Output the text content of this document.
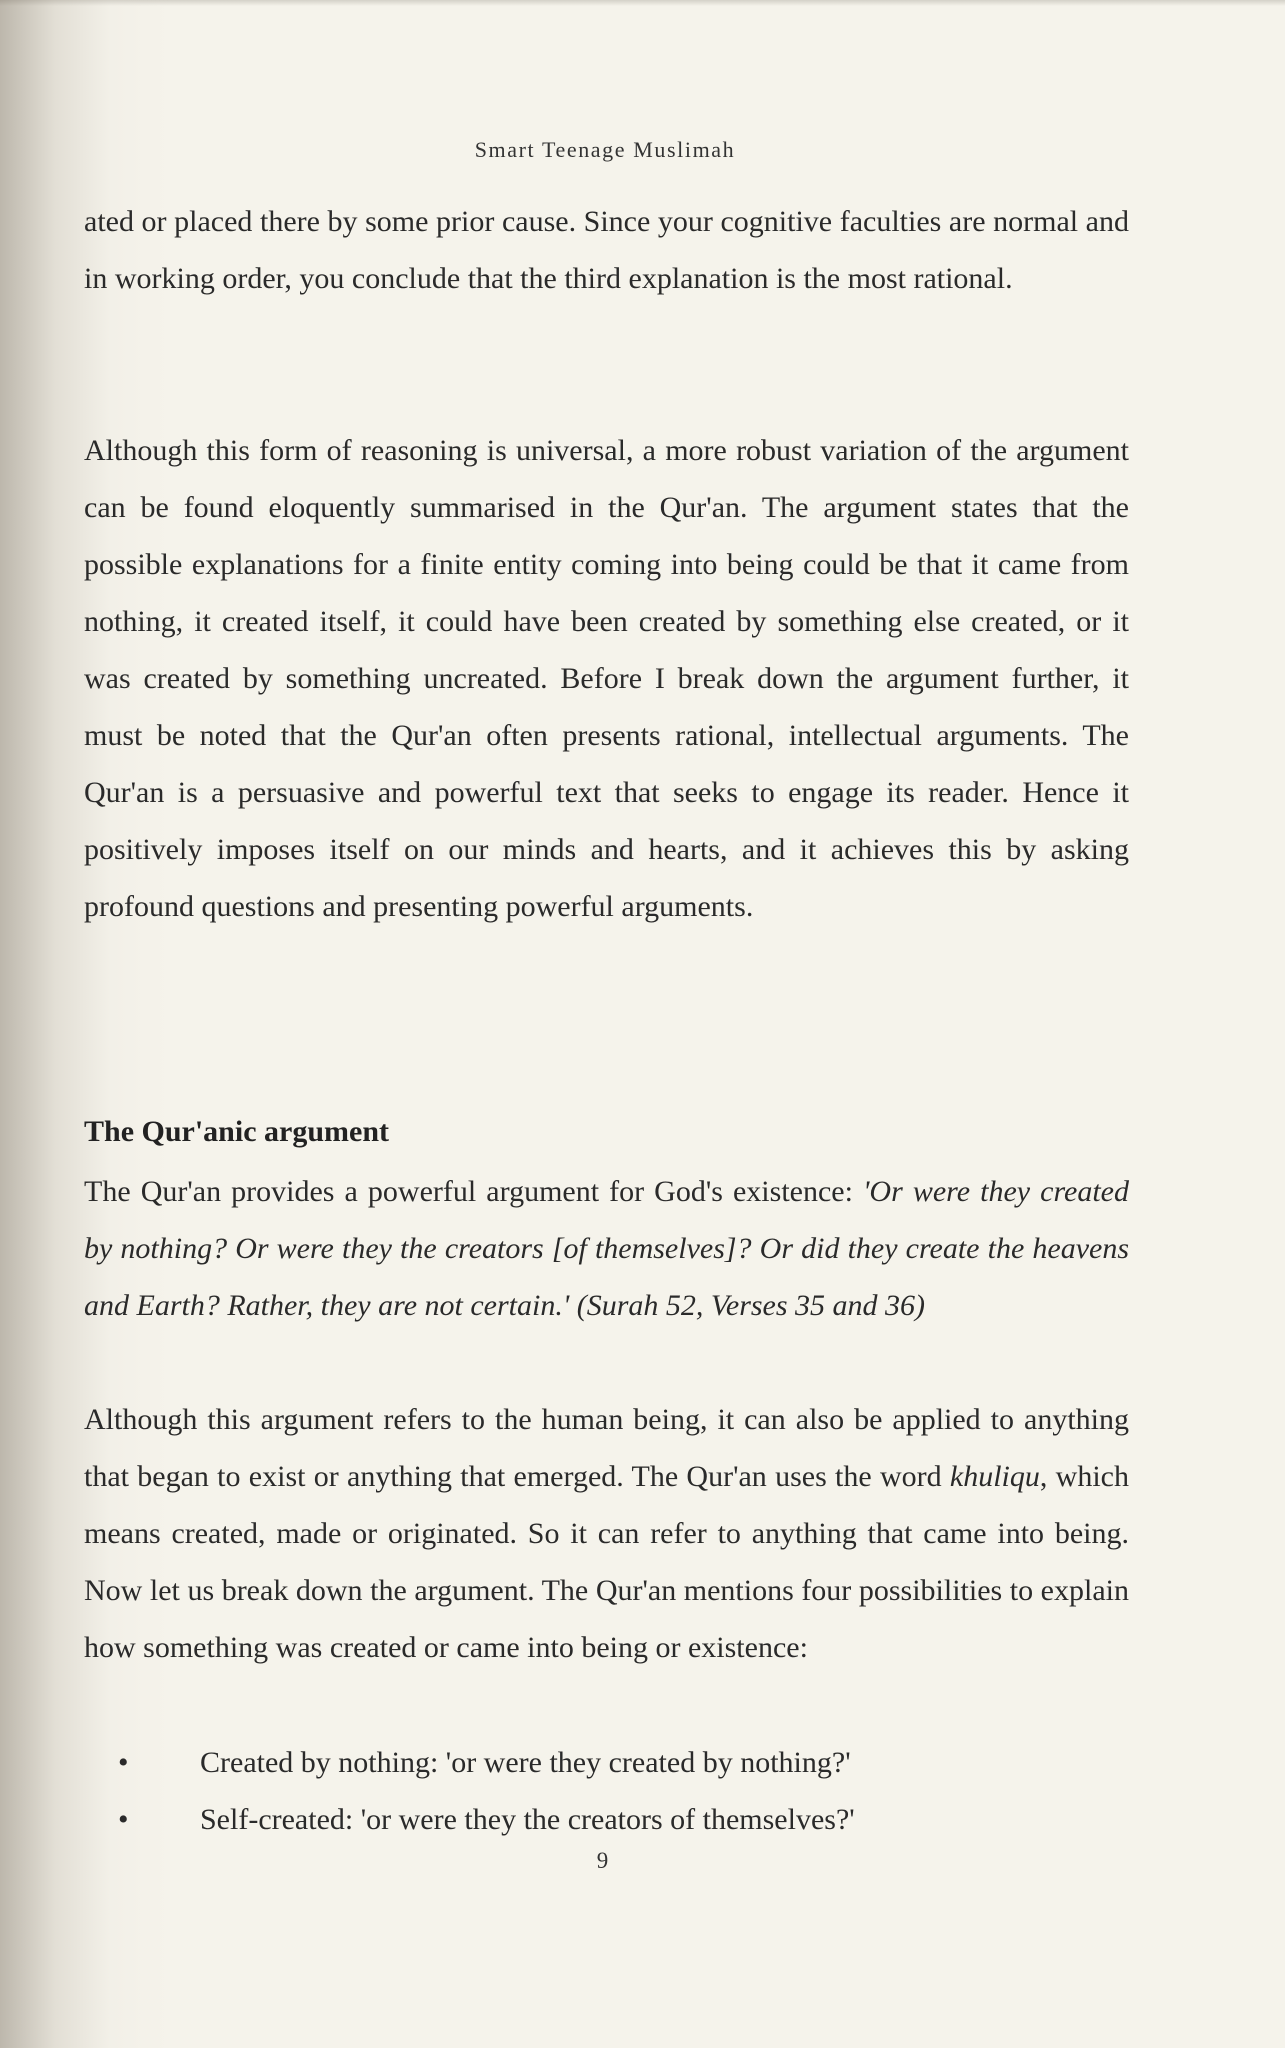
Smart Teenage Muslimah

ated or placed there by some prior cause. Since your cognitive faculties are normal and in working order, you conclude that the third explanation is the most rational.

Although this form of reasoning is universal, a more robust variation of the argument can be found eloquently summarised in the Qur'an. The argument states that the possible explanations for a finite entity coming into being could be that it came from nothing, it created itself, it could have been created by something else created, or it was created by something uncreated. Before I break down the argument further, it must be noted that the Qur'an often presents rational, intellectual arguments. The Qur'an is a persuasive and powerful text that seeks to engage its reader. Hence it positively imposes itself on our minds and hearts, and it achieves this by asking profound questions and presenting powerful arguments.

The Qur'anic argument

The Qur'an provides a powerful argument for God's existence: 'Or were they created by nothing? Or were they the creators [of themselves]? Or did they create the heavens and Earth? Rather, they are not certain.' (Surah 52, Verses 35 and 36)

Although this argument refers to the human being, it can also be applied to anything that began to exist or anything that emerged. The Qur'an uses the word khuliqu, which means created, made or originated. So it can refer to anything that came into being. Now let us break down the argument. The Qur'an mentions four possibilities to explain how something was created or came into being or existence:

• Created by nothing: 'or were they created by nothing?'
• Self-created: 'or were they the creators of themselves?'
9
